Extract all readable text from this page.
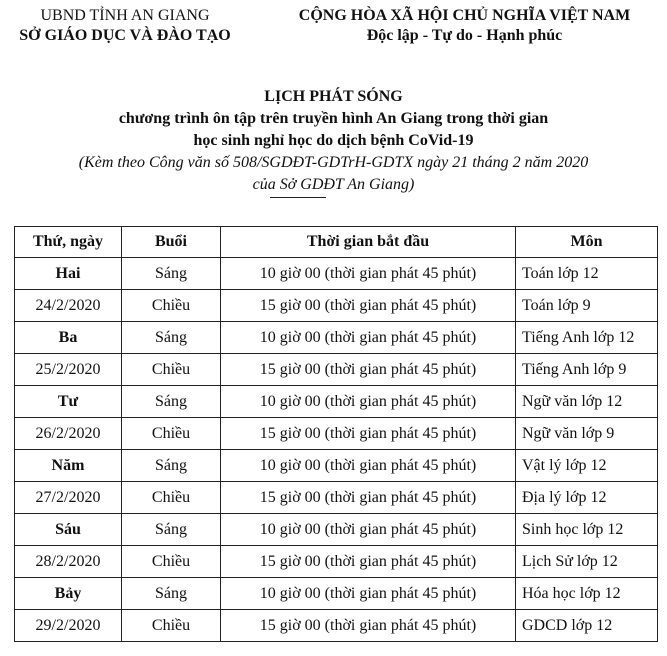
UBND TỈNH AN GIANG
SỞ GIÁO DỤC VÀ ĐÀO TẠO
CỘNG HÒA XÃ HỘI CHỦ NGHĨA VIỆT NAM
Độc lập - Tự do - Hạnh phúc
LỊCH PHÁT SÓNG
chương trình ôn tập trên truyền hình An Giang trong thời gian
học sinh nghỉ học do dịch bệnh CoVid-19
(Kèm theo Công văn số 508/SGDĐT-GDTrH-GDTX ngày 21 tháng 2 năm 2020
của Sở GDĐT An Giang)
Thứ, ngày	Buổi	Thời gian bắt đầu	Môn
Hai	Sáng	10 giờ 00 (thời gian phát 45 phút)	Toán lớp 12
24/2/2020	Chiều	15 giờ 00 (thời gian phát 45 phút)	Toán lớp 9
Ba	Sáng	10 giờ 00 (thời gian phát 45 phút)	Tiếng Anh lớp 12
25/2/2020	Chiều	15 giờ 00 (thời gian phát 45 phút)	Tiếng Anh lớp 9
Tư	Sáng	10 giờ 00 (thời gian phát 45 phút)	Ngữ văn lớp 12
26/2/2020	Chiều	15 giờ 00 (thời gian phát 45 phút)	Ngữ văn lớp 9
Năm	Sáng	10 giờ 00 (thời gian phát 45 phút)	Vật lý lớp 12
27/2/2020	Chiều	15 giờ 00 (thời gian phát 45 phút)	Địa lý lớp 12
Sáu	Sáng	10 giờ 00 (thời gian phát 45 phút)	Sinh học lớp 12
28/2/2020	Chiều	15 giờ 00 (thời gian phát 45 phút)	Lịch Sử lớp 12
Bảy	Sáng	10 giờ 00 (thời gian phát 45 phút)	Hóa học lớp 12
29/2/2020	Chiều	15 giờ 00 (thời gian phát 45 phút)	GDCD lớp 12
